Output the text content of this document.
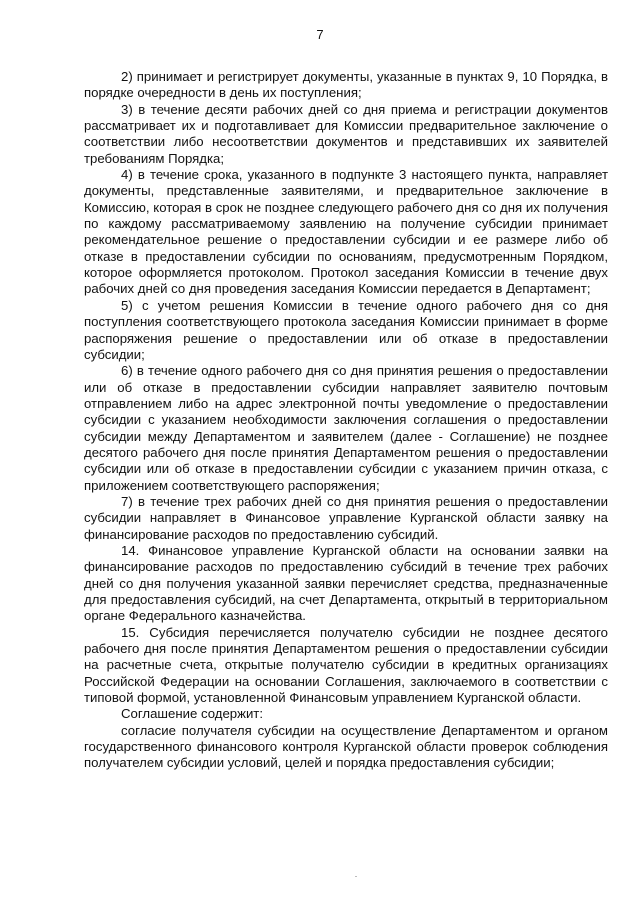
7

2) принимает и регистрирует документы, указанные в пунктах 9, 10 Порядка, в порядке очередности в день их поступления;

3) в течение десяти рабочих дней со дня приема и регистрации документов рассматривает их и подготавливает для Комиссии предварительное заключение о соответствии либо несоответствии документов и представивших их заявителей требованиям Порядка;

4) в течение срока, указанного в подпункте 3 настоящего пункта, направляет документы, представленные заявителями, и предварительное заключение в Комиссию, которая в срок не позднее следующего рабочего дня со дня их получения по каждому рассматриваемому заявлению на получение субсидии принимает рекомендательное решение о предоставлении субсидии и ее размере либо об отказе в предоставлении субсидии по основаниям, предусмотренным Порядком, которое оформляется протоколом. Протокол заседания Комиссии в течение двух рабочих дней со дня проведения заседания Комиссии передается в Департамент;

5) с учетом решения Комиссии в течение одного рабочего дня со дня поступления соответствующего протокола заседания Комиссии принимает в форме распоряжения решение о предоставлении или об отказе в предоставлении субсидии;

6) в течение одного рабочего дня со дня принятия решения о предоставлении или об отказе в предоставлении субсидии направляет заявителю почтовым отправлением либо на адрес электронной почты уведомление о предоставлении субсидии с указанием необходимости заключения соглашения о предоставлении субсидии между Департаментом и заявителем (далее - Соглашение) не позднее десятого рабочего дня после принятия Департаментом решения о предоставлении субсидии или об отказе в предоставлении субсидии с указанием причин отказа, с приложением соответствующего распоряжения;

7) в течение трех рабочих дней со дня принятия решения о предоставлении субсидии направляет в Финансовое управление Курганской области заявку на финансирование расходов по предоставлению субсидий.

14. Финансовое управление Курганской области на основании заявки на финансирование расходов по предоставлению субсидий в течение трех рабочих дней со дня получения указанной заявки перечисляет средства, предназначенные для предоставления субсидий, на счет Департамента, открытый в территориальном органе Федерального казначейства.

15. Субсидия перечисляется получателю субсидии не позднее десятого рабочего дня после принятия Департаментом решения о предоставлении субсидии на расчетные счета, открытые получателю субсидии в кредитных организациях Российской Федерации на основании Соглашения, заключаемого в соответствии с типовой формой, установленной Финансовым управлением Курганской области.

Соглашение содержит:

согласие получателя субсидии на осуществление Департаментом и органом государственного финансового контроля Курганской области проверок соблюдения получателем субсидии условий, целей и порядка предоставления субсидии;
